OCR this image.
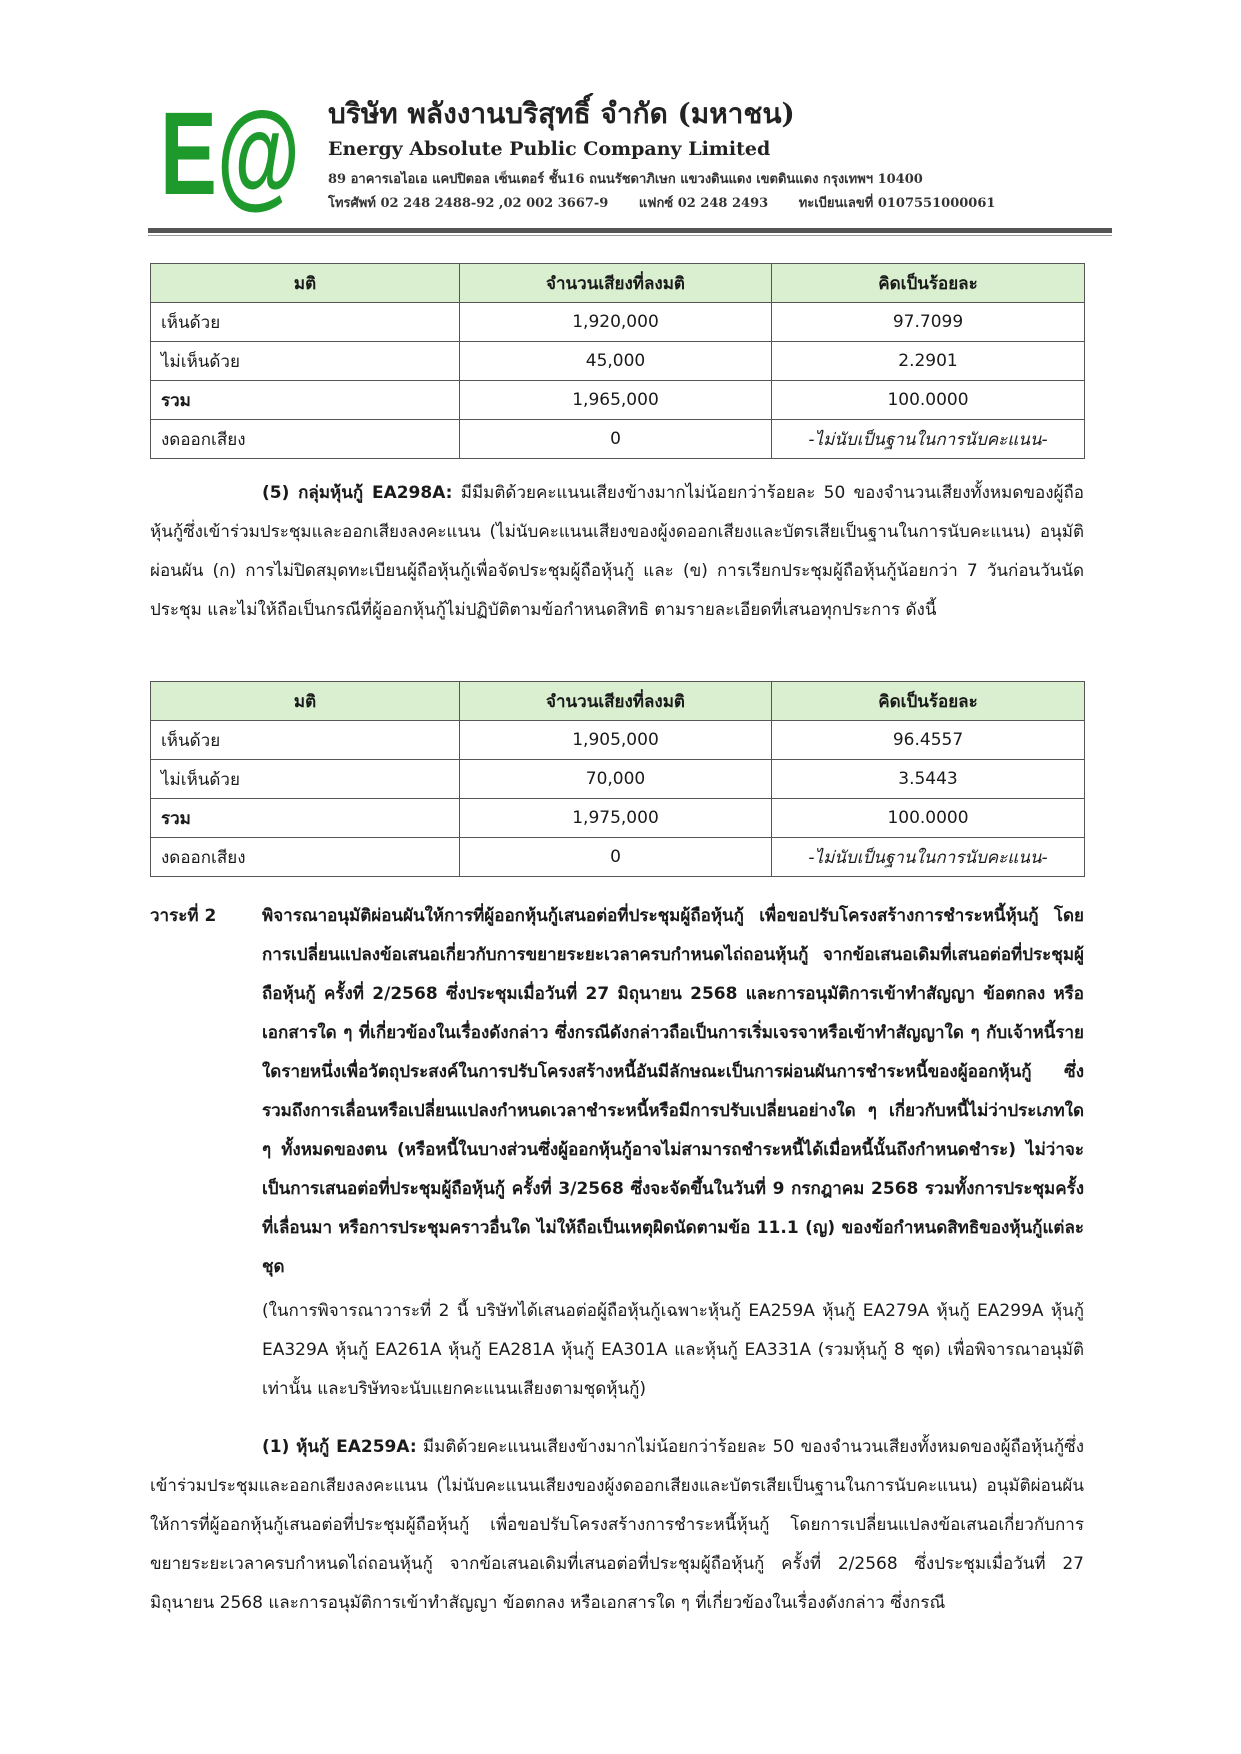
E@ บริษัท พลังงานบริสุทธิ์ จำกัด (มหาชน)
Energy Absolute Public Company Limited
89 อาคารเอไอเอ แคปปิตอล เซ็นเตอร์ ชั้น16 ถนนรัชดาภิเษก แขวงดินแดง เขตดินแดง กรุงเทพฯ 10400
โทรศัพท์ 02 248 2488-92 ,02 002 3667-9 แฟกซ์ 02 248 2493 ทะเบียนเลขที่ 0107551000061
มติ	จำนวนเสียงที่ลงมติ	คิดเป็นร้อยละ
เห็นด้วย	1,920,000	97.7099
ไม่เห็นด้วย	45,000	2.2901
รวม	1,965,000	100.0000
งดออกเสียง	0	-ไม่นับเป็นฐานในการนับคะแนน-
(5) กลุ่มหุ้นกู้ EA298A: มีมีมติด้วยคะแนนเสียงข้างมากไม่น้อยกว่าร้อยละ 50 ของจำนวนเสียงทั้งหมดของผู้ถือหุ้นกู้ซึ่งเข้าร่วมประชุมและออกเสียงลงคะแนน (ไม่นับคะแนนเสียงของผู้งดออกเสียงและบัตรเสียเป็นฐานในการนับคะแนน) อนุมัติผ่อนผัน (ก) การไม่ปิดสมุดทะเบียนผู้ถือหุ้นกู้เพื่อจัดประชุมผู้ถือหุ้นกู้ และ (ข) การเรียกประชุมผู้ถือหุ้นกู้น้อยกว่า 7 วันก่อนวันนัดประชุม และไม่ให้ถือเป็นกรณีที่ผู้ออกหุ้นกู้ไม่ปฏิบัติตามข้อกำหนดสิทธิ ตามรายละเอียดที่เสนอทุกประการ ดังนี้
มติ	จำนวนเสียงที่ลงมติ	คิดเป็นร้อยละ
เห็นด้วย	1,905,000	96.4557
ไม่เห็นด้วย	70,000	3.5443
รวม	1,975,000	100.0000
งดออกเสียง	0	-ไม่นับเป็นฐานในการนับคะแนน-
วาระที่ 2	พิจารณาอนุมัติผ่อนผันให้การที่ผู้ออกหุ้นกู้เสนอต่อที่ประชุมผู้ถือหุ้นกู้ เพื่อขอปรับโครงสร้างการชำระหนี้หุ้นกู้ โดยการเปลี่ยนแปลงข้อเสนอเกี่ยวกับการขยายระยะเวลาครบกำหนดไถ่ถอนหุ้นกู้ จากข้อเสนอเดิมที่เสนอต่อที่ประชุมผู้ถือหุ้นกู้ ครั้งที่ 2/2568 ซึ่งประชุมเมื่อวันที่ 27 มิถุนายน 2568 และการอนุมัติการเข้าทำสัญญา ข้อตกลง หรือเอกสารใด ๆ ที่เกี่ยวข้องในเรื่องดังกล่าว ซึ่งกรณีดังกล่าวถือเป็นการเริ่มเจรจาหรือเข้าทำสัญญาใด ๆ กับเจ้าหนี้รายใดรายหนึ่งเพื่อวัตถุประสงค์ในการปรับโครงสร้างหนี้อันมีลักษณะเป็นการผ่อนผันการชำระหนี้ของผู้ออกหุ้นกู้ ซึ่งรวมถึงการเลื่อนหรือเปลี่ยนแปลงกำหนดเวลาชำระหนี้หรือมีการปรับเปลี่ยนอย่างใด ๆ เกี่ยวกับหนี้ไม่ว่าประเภทใด ๆ ทั้งหมดของตน (หรือหนี้ในบางส่วนซึ่งผู้ออกหุ้นกู้อาจไม่สามารถชำระหนี้ได้เมื่อหนี้นั้นถึงกำหนดชำระ) ไม่ว่าจะเป็นการเสนอต่อที่ประชุมผู้ถือหุ้นกู้ ครั้งที่ 3/2568 ซึ่งจะจัดขึ้นในวันที่ 9 กรกฎาคม 2568 รวมทั้งการประชุมครั้งที่เลื่อนมา หรือการประชุมคราวอื่นใด ไม่ให้ถือเป็นเหตุผิดนัดตามข้อ 11.1 (ญ) ของข้อกำหนดสิทธิของหุ้นกู้แต่ละชุด
(ในการพิจารณาวาระที่ 2 นี้ บริษัทได้เสนอต่อผู้ถือหุ้นกู้เฉพาะหุ้นกู้ EA259A หุ้นกู้ EA279A หุ้นกู้ EA299A หุ้นกู้ EA329A หุ้นกู้ EA261A หุ้นกู้ EA281A หุ้นกู้ EA301A และหุ้นกู้ EA331A (รวมหุ้นกู้ 8 ชุด) เพื่อพิจารณาอนุมัติเท่านั้น และบริษัทจะนับแยกคะแนนเสียงตามชุดหุ้นกู้)
(1) หุ้นกู้ EA259A: มีมติด้วยคะแนนเสียงข้างมากไม่น้อยกว่าร้อยละ 50 ของจำนวนเสียงทั้งหมดของผู้ถือหุ้นกู้ซึ่งเข้าร่วมประชุมและออกเสียงลงคะแนน (ไม่นับคะแนนเสียงของผู้งดออกเสียงและบัตรเสียเป็นฐานในการนับคะแนน) อนุมัติผ่อนผันให้การที่ผู้ออกหุ้นกู้เสนอต่อที่ประชุมผู้ถือหุ้นกู้ เพื่อขอปรับโครงสร้างการชำระหนี้หุ้นกู้ โดยการเปลี่ยนแปลงข้อเสนอเกี่ยวกับการขยายระยะเวลาครบกำหนดไถ่ถอนหุ้นกู้ จากข้อเสนอเดิมที่เสนอต่อที่ประชุมผู้ถือหุ้นกู้ ครั้งที่ 2/2568 ซึ่งประชุมเมื่อวันที่ 27 มิถุนายน 2568 และการอนุมัติการเข้าทำสัญญา ข้อตกลง หรือเอกสารใด ๆ ที่เกี่ยวข้องในเรื่องดังกล่าว ซึ่งกรณี
